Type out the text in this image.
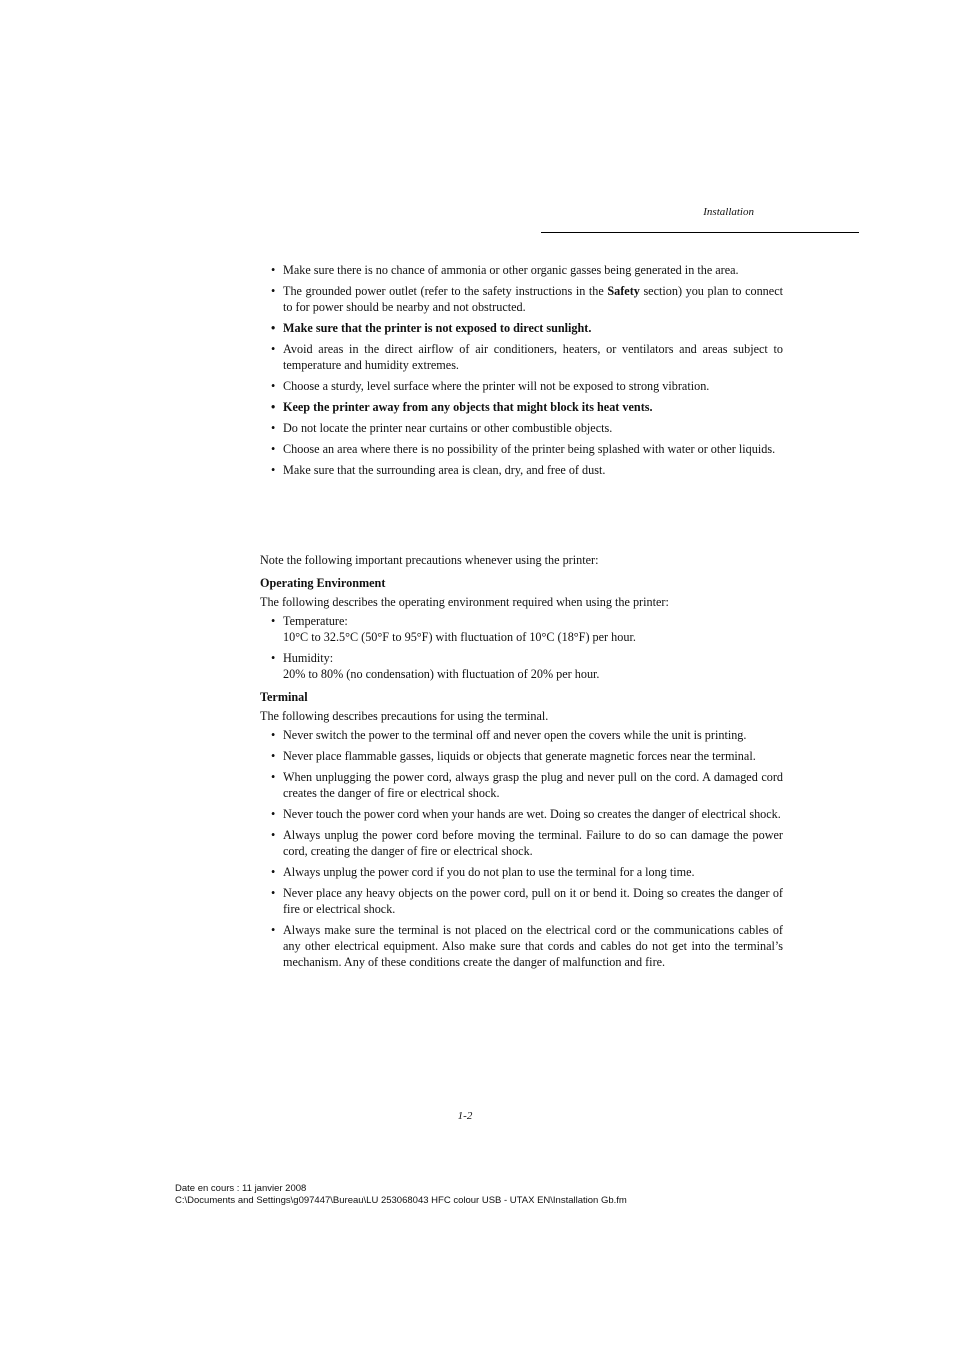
Installation
• Make sure there is no chance of ammonia or other organic gasses being generated in the area.
• The grounded power outlet (refer to the safety instructions in the Safety section) you plan to connect to for power should be nearby and not obstructed.
• Make sure that the printer is not exposed to direct sunlight.
• Avoid areas in the direct airflow of air conditioners, heaters, or ventilators and areas subject to temperature and humidity extremes.
• Choose a sturdy, level surface where the printer will not be exposed to strong vibration.
• Keep the printer away from any objects that might block its heat vents.
• Do not locate the printer near curtains or other combustible objects.
• Choose an area where there is no possibility of the printer being splashed with water or other liquids.
• Make sure that the surrounding area is clean, dry, and free of dust.
Note the following important precautions whenever using the printer:
Operating Environment
The following describes the operating environment required when using the printer:
• Temperature:
10°C to 32.5°C (50°F to 95°F) with fluctuation of 10°C (18°F) per hour.
• Humidity:
20% to 80% (no condensation) with fluctuation of 20% per hour.
Terminal
The following describes precautions for using the terminal.
• Never switch the power to the terminal off and never open the covers while the unit is printing.
• Never place flammable gasses, liquids or objects that generate magnetic forces near the terminal.
• When unplugging the power cord, always grasp the plug and never pull on the cord. A damaged cord creates the danger of fire or electrical shock.
• Never touch the power cord when your hands are wet. Doing so creates the danger of electrical shock.
• Always unplug the power cord before moving the terminal. Failure to do so can damage the power cord, creating the danger of fire or electrical shock.
• Always unplug the power cord if you do not plan to use the terminal for a long time.
• Never place any heavy objects on the power cord, pull on it or bend it. Doing so creates the danger of fire or electrical shock.
• Always make sure the terminal is not placed on the electrical cord or the communications cables of any other electrical equipment. Also make sure that cords and cables do not get into the terminal’s mechanism. Any of these conditions create the danger of malfunction and fire.
1-2
Date en cours : 11 janvier 2008
C:\Documents and Settings\g097447\Bureau\LU 253068043 HFC colour USB - UTAX EN\Installation Gb.fm
